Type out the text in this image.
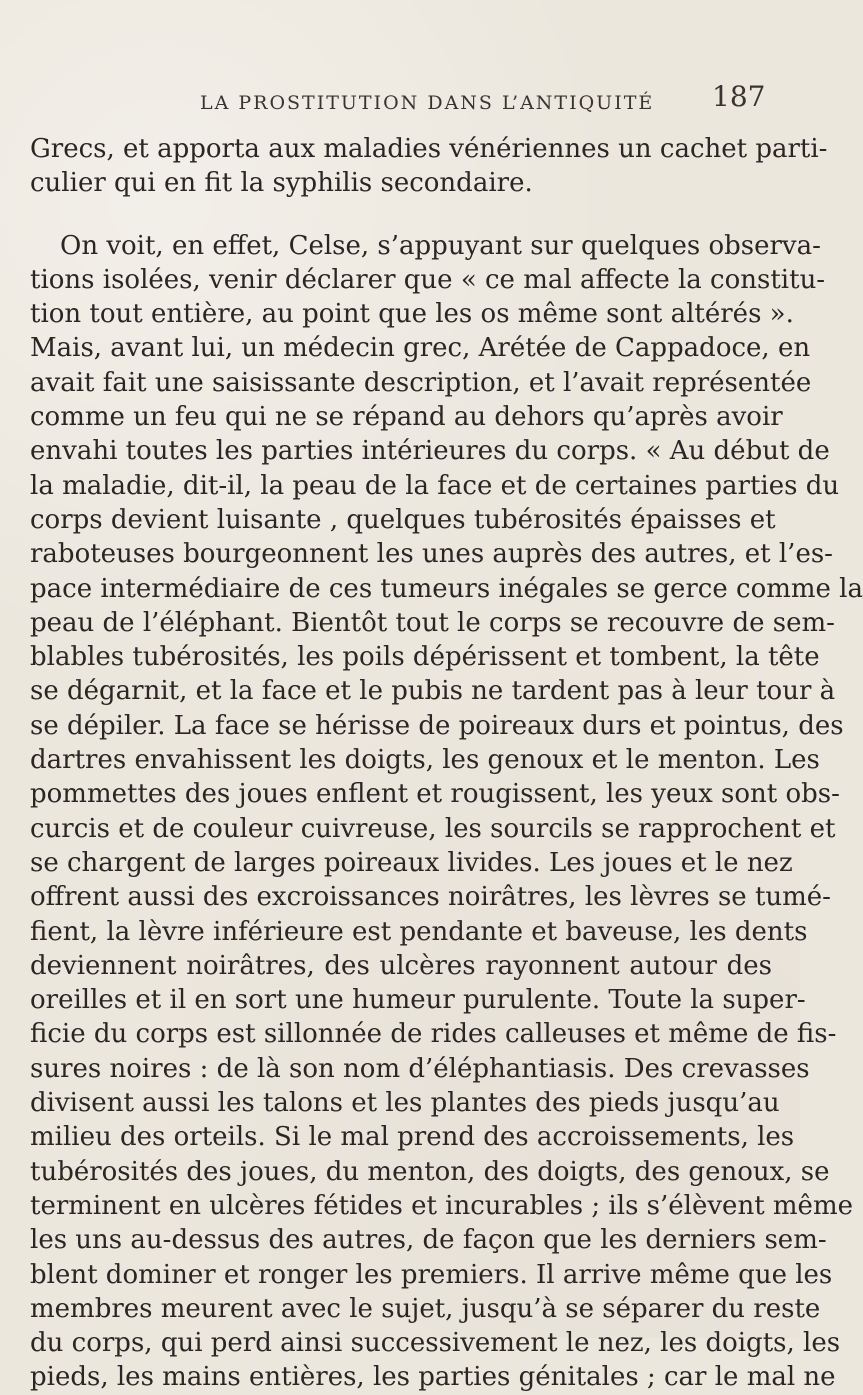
LA PROSTITUTION DANS L’ANTIQUITÉ 187
Grecs, et apporta aux maladies vénériennes un cachet parti-
culier qui en fit la syphilis secondaire.
On voit, en effet, Celse, s’appuyant sur quelques observa-
tions isolées, venir déclarer que « ce mal affecte la constitu-
tion tout entière, au point que les os même sont altérés ».
Mais, avant lui, un médecin grec, Arétée de Cappadoce, en
avait fait une saisissante description, et l’avait représentée
comme un feu qui ne se répand au dehors qu’après avoir
envahi toutes les parties intérieures du corps. « Au début de
la maladie, dit-il, la peau de la face et de certaines parties du
corps devient luisante , quelques tubérosités épaisses et
raboteuses bourgeonnent les unes auprès des autres, et l’es-
pace intermédiaire de ces tumeurs inégales se gerce comme la
peau de l’éléphant. Bientôt tout le corps se recouvre de sem-
blables tubérosités, les poils dépérissent et tombent, la tête
se dégarnit, et la face et le pubis ne tardent pas à leur tour à
se dépiler. La face se hérisse de poireaux durs et pointus, des
dartres envahissent les doigts, les genoux et le menton. Les
pommettes des joues enflent et rougissent, les yeux sont obs-
curcis et de couleur cuivreuse, les sourcils se rapprochent et
se chargent de larges poireaux livides. Les joues et le nez
offrent aussi des excroissances noirâtres, les lèvres se tumé-
fient, la lèvre inférieure est pendante et baveuse, les dents
deviennent noirâtres, des ulcères rayonnent autour des
oreilles et il en sort une humeur purulente. Toute la super-
ficie du corps est sillonnée de rides calleuses et même de fis-
sures noires : de là son nom d’éléphantiasis. Des crevasses
divisent aussi les talons et les plantes des pieds jusqu’au
milieu des orteils. Si le mal prend des accroissements, les
tubérosités des joues, du menton, des doigts, des genoux, se
terminent en ulcères fétides et incurables ; ils s’élèvent même
les uns au-dessus des autres, de façon que les derniers sem-
blent dominer et ronger les premiers. Il arrive même que les
membres meurent avec le sujet, jusqu’à se séparer du reste
du corps, qui perd ainsi successivement le nez, les doigts, les
pieds, les mains entières, les parties génitales ; car le mal ne
